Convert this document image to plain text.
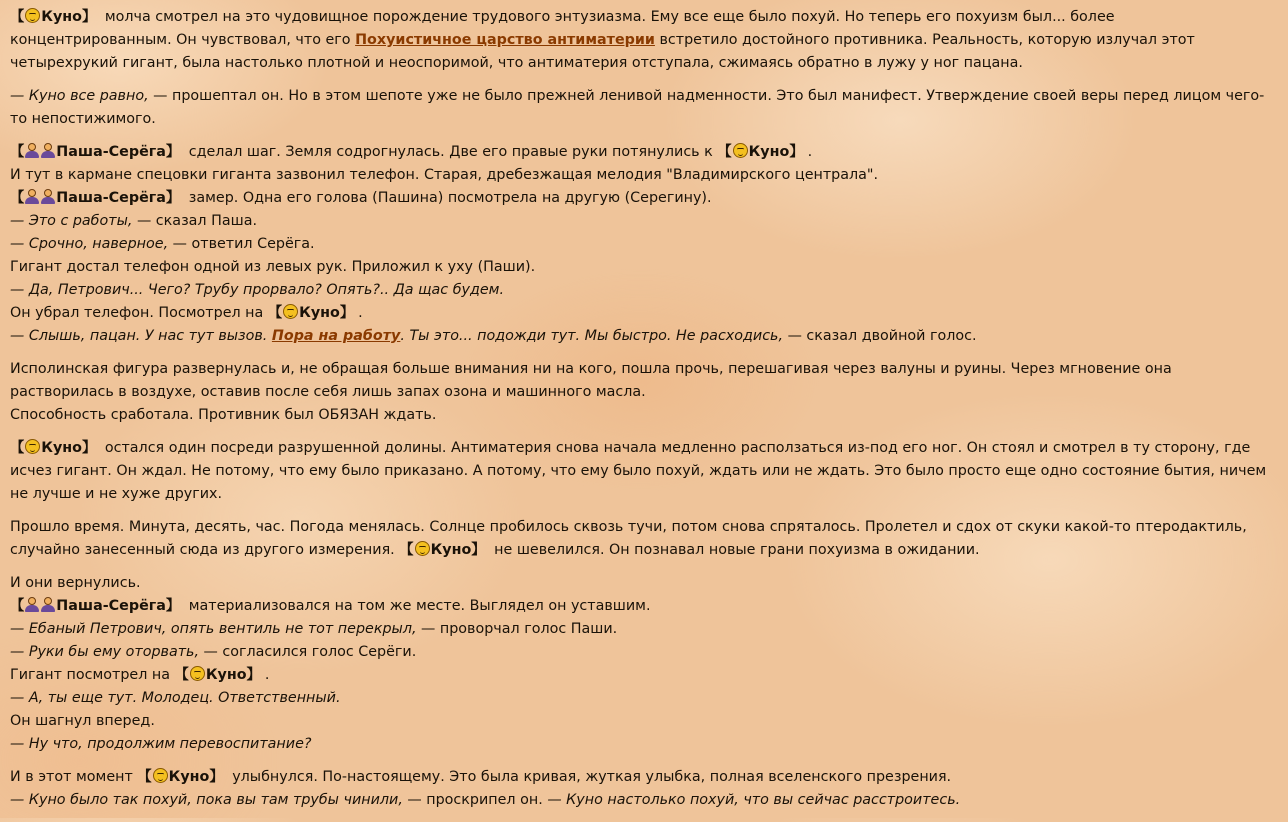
【 Куно】 молча смотрел на это чудовищное порождение трудового энтузиазма. Ему все еще было похуй. Но теперь его похуизм был... более концентрированным. Он чувствовал, что его Похуистичное царство антиматерии встретило достойного противника. Реальность, которую излучал этот четырехрукий гигант, была настолько плотной и неоспоримой, что антиматерия отступала, сжимаясь обратно в лужу у ног пацана.

— Куно все равно, — прошептал он. Но в этом шепоте уже не было прежней ленивой надменности. Это был манифест. Утверждение своей веры перед лицом чего-то непостижимого.

【 Паша-Серёга】 сделал шаг. Земля содрогнулась. Две его правые руки потянулись к 【 Куно】 .
И тут в кармане спецовки гиганта зазвонил телефон. Старая, дребезжащая мелодия "Владимирского централа".
【 Паша-Серёга】 замер. Одна его голова (Пашина) посмотрела на другую (Серегину).
— Это с работы, — сказал Паша.
— Срочно, наверное, — ответил Серёга.
Гигант достал телефон одной из левых рук. Приложил к уху (Паши).
— Да, Петрович... Чего? Трубу прорвало? Опять?.. Да щас будем.
Он убрал телефон. Посмотрел на 【 Куно】 .
— Слышь, пацан. У нас тут вызов. Пора на работу. Ты это... подожди тут. Мы быстро. Не расходись, — сказал двойной голос.

Исполинская фигура развернулась и, не обращая больше внимания ни на кого, пошла прочь, перешагивая через валуны и руины. Через мгновение она растворилась в воздухе, оставив после себя лишь запах озона и машинного масла.
Способность сработала. Противник был ОБЯЗАН ждать.

【 Куно】 остался один посреди разрушенной долины. Антиматерия снова начала медленно расползаться из-под его ног. Он стоял и смотрел в ту сторону, где исчез гигант. Он ждал. Не потому, что ему было приказано. А потому, что ему было похуй, ждать или не ждать. Это было просто еще одно состояние бытия, ничем не лучше и не хуже других.

Прошло время. Минута, десять, час. Погода менялась. Солнце пробилось сквозь тучи, потом снова спряталось. Пролетел и сдох от скуки какой-то птеродактиль, случайно занесенный сюда из другого измерения. 【 Куно】 не шевелился. Он познавал новые грани похуизма в ожидании.

И они вернулись.
【 Паша-Серёга】 материализовался на том же месте. Выглядел он уставшим.
— Ебаный Петрович, опять вентиль не тот перекрыл, — проворчал голос Паши.
— Руки бы ему оторвать, — согласился голос Серёги.
Гигант посмотрел на 【 Куно】 .
— А, ты еще тут. Молодец. Ответственный.
Он шагнул вперед.
— Ну что, продолжим перевоспитание?

И в этот момент 【 Куно】 улыбнулся. По-настоящему. Это была кривая, жуткая улыбка, полная вселенского презрения.
— Куно было так похуй, пока вы там трубы чинили, — проскрипел он. — Куно настолько похуй, что вы сейчас расстроитесь.
